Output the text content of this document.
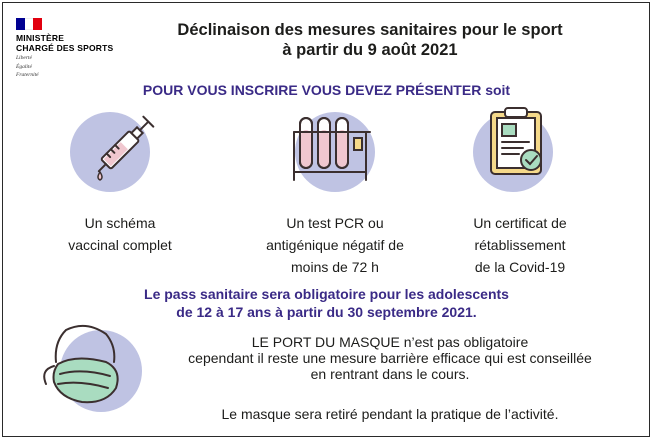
MINISTÈRE
CHARGÉ DES SPORTS
Liberté
Égalité
Fraternité
Déclinaison des mesures sanitaires pour le sport
à partir du 9 août 2021
POUR VOUS INSCRIRE VOUS DEVEZ PRÉSENTER soit
Un schéma
vaccinal complet
Un test PCR ou
antigénique négatif de
moins de 72 h
Un certificat de
rétablissement
de la Covid-19
Le pass sanitaire sera obligatoire pour les adolescents
de 12 à 17 ans à partir du 30 septembre 2021.
LE PORT DU MASQUE n’est pas obligatoire
cependant il reste une mesure barrière efficace qui est conseillée
en rentrant dans le cours.
Le masque sera retiré pendant la pratique de l’activité.
